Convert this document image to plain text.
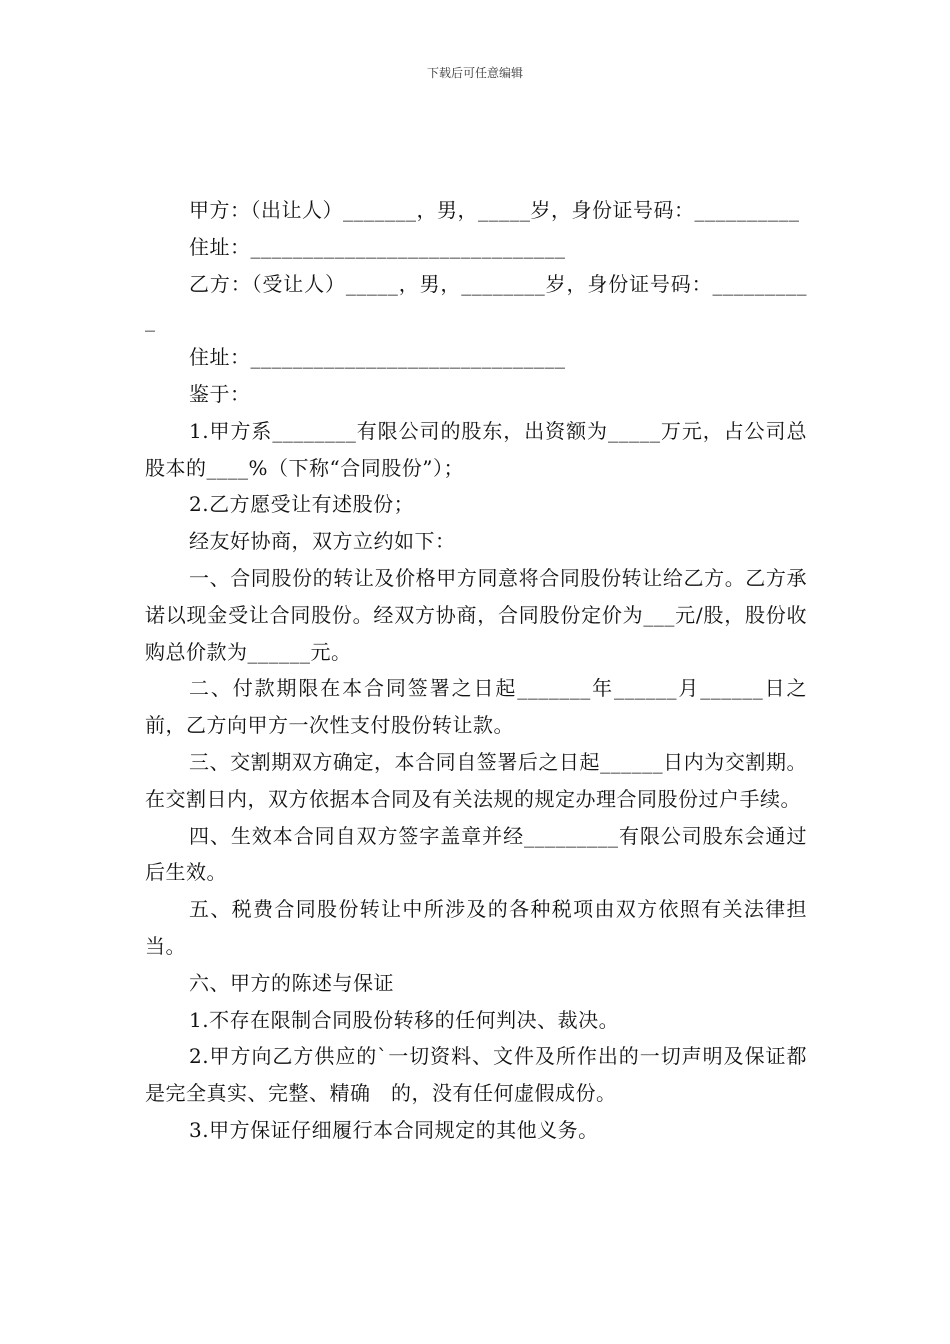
下载后可任意编辑

甲方：（出让人）_______，男，_____岁，身份证号码：__________

住址：______________________________

乙方：（受让人）_____，男，________岁，身份证号码：__________

住址：______________________________

鉴于：

1.甲方系________有限公司的股东，出资额为_____万元，占公司总股本的____%（下称“合同股份”）；

2.乙方愿受让有述股份；

经友好协商，双方立约如下：

一、合同股份的转让及价格甲方同意将合同股份转让给乙方。乙方承诺以现金受让合同股份。经双方协商，合同股份定价为___元/股，股份收购总价款为______元。

二、付款期限在本合同签署之日起_______年______月______日之前，乙方向甲方一次性支付股份转让款。

三、交割期双方确定，本合同自签署后之日起______日内为交割期。在交割日内，双方依据本合同及有关法规的规定办理合同股份过户手续。

四、生效本合同自双方签字盖章并经_________有限公司股东会通过后生效。

五、税费合同股份转让中所涉及的各种税项由双方依照有关法律担当。

六、甲方的陈述与保证

1.不存在限制合同股份转移的任何判决、裁决。

2.甲方向乙方供应的`一切资料、文件及所作出的一切声明及保证都是完全真实、完整、精确　的，没有任何虚假成份。

3.甲方保证仔细履行本合同规定的其他义务。
